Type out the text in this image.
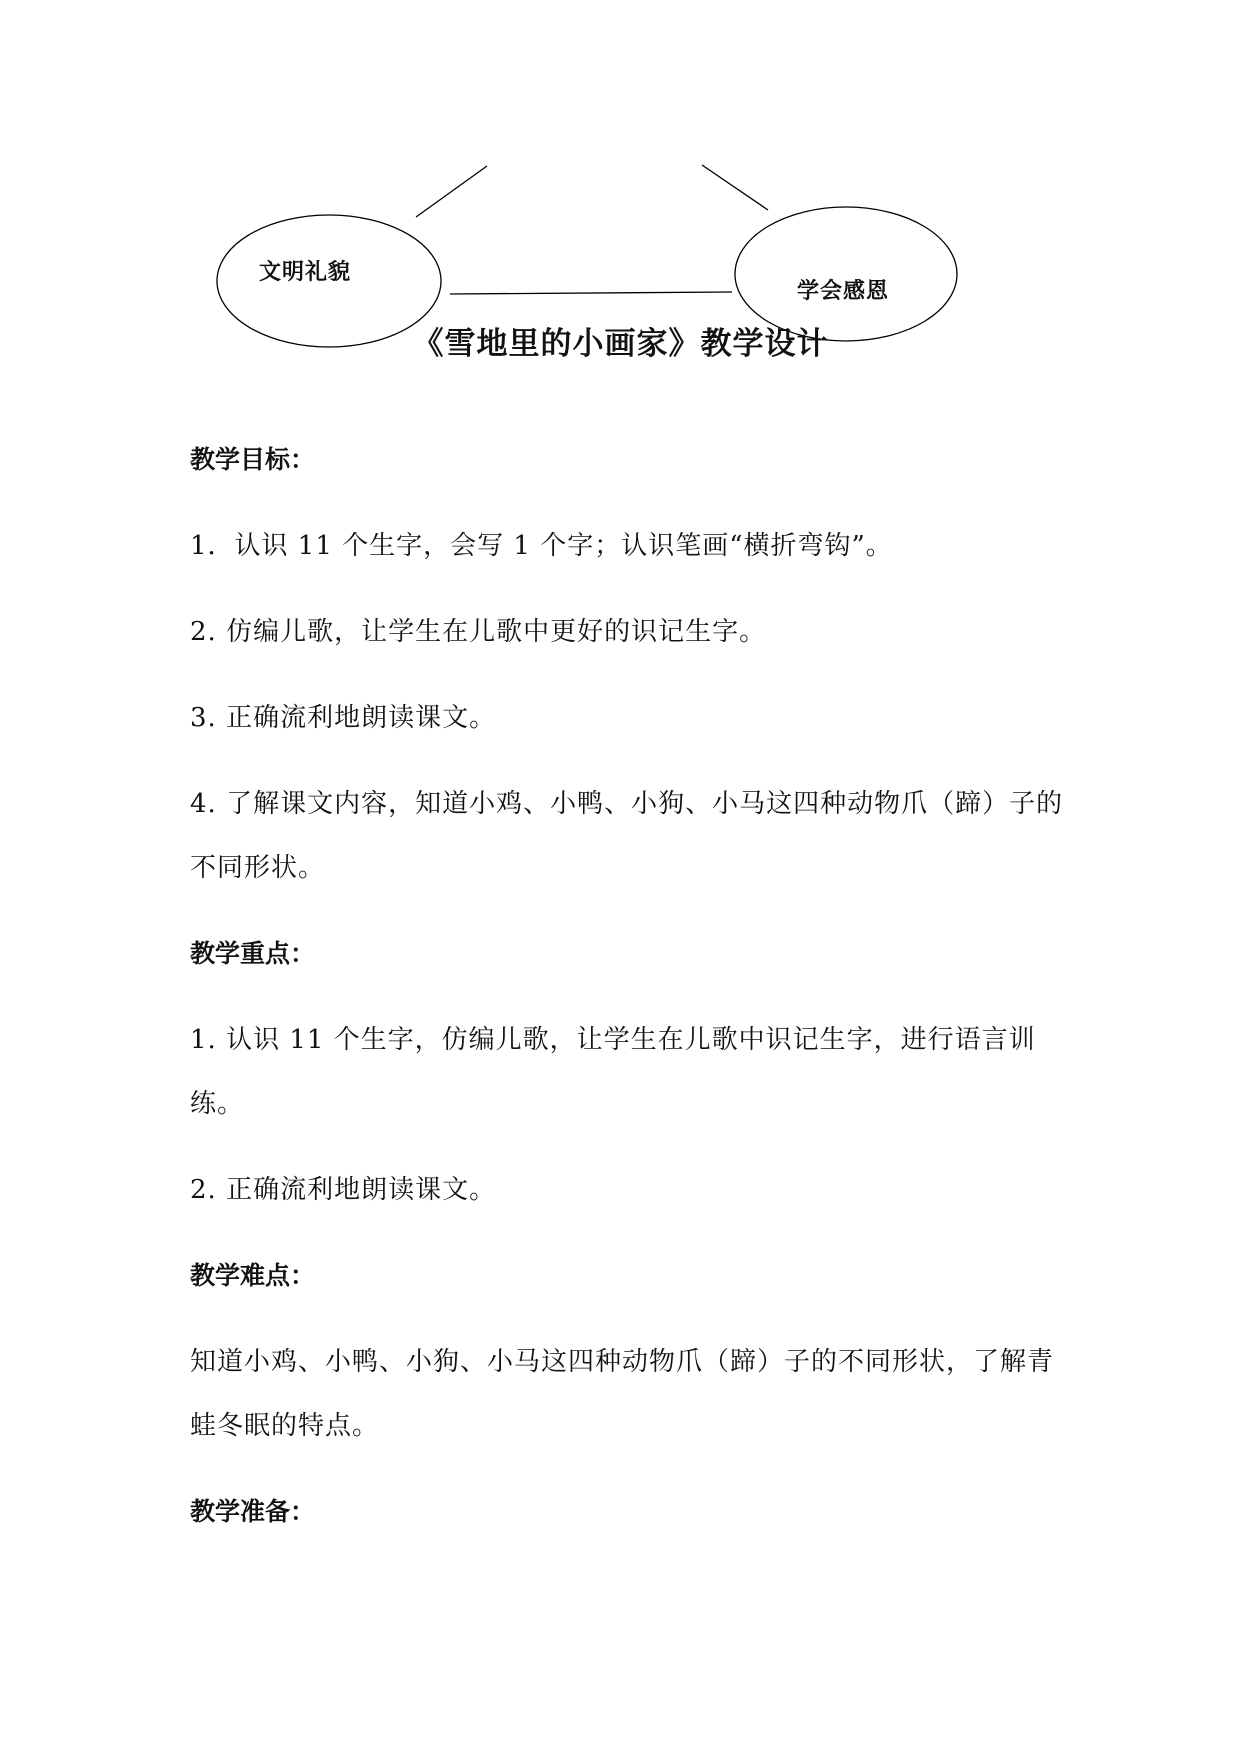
文明礼貌
学会感恩
《雪地里的小画家》教学设计

教学目标：

1．认识 11 个生字，会写 1 个字；认识笔画“横折弯钩”。

2. 仿编儿歌，让学生在儿歌中更好的识记生字。

3. 正确流利地朗读课文。

4. 了解课文内容，知道小鸡、小鸭、小狗、小马这四种动物爪（蹄）子的不同形状。

教学重点：

1. 认识 11 个生字，仿编儿歌，让学生在儿歌中识记生字，进行语言训练。

2. 正确流利地朗读课文。

教学难点：

知道小鸡、小鸭、小狗、小马这四种动物爪（蹄）子的不同形状，了解青蛙冬眠的特点。

教学准备：
